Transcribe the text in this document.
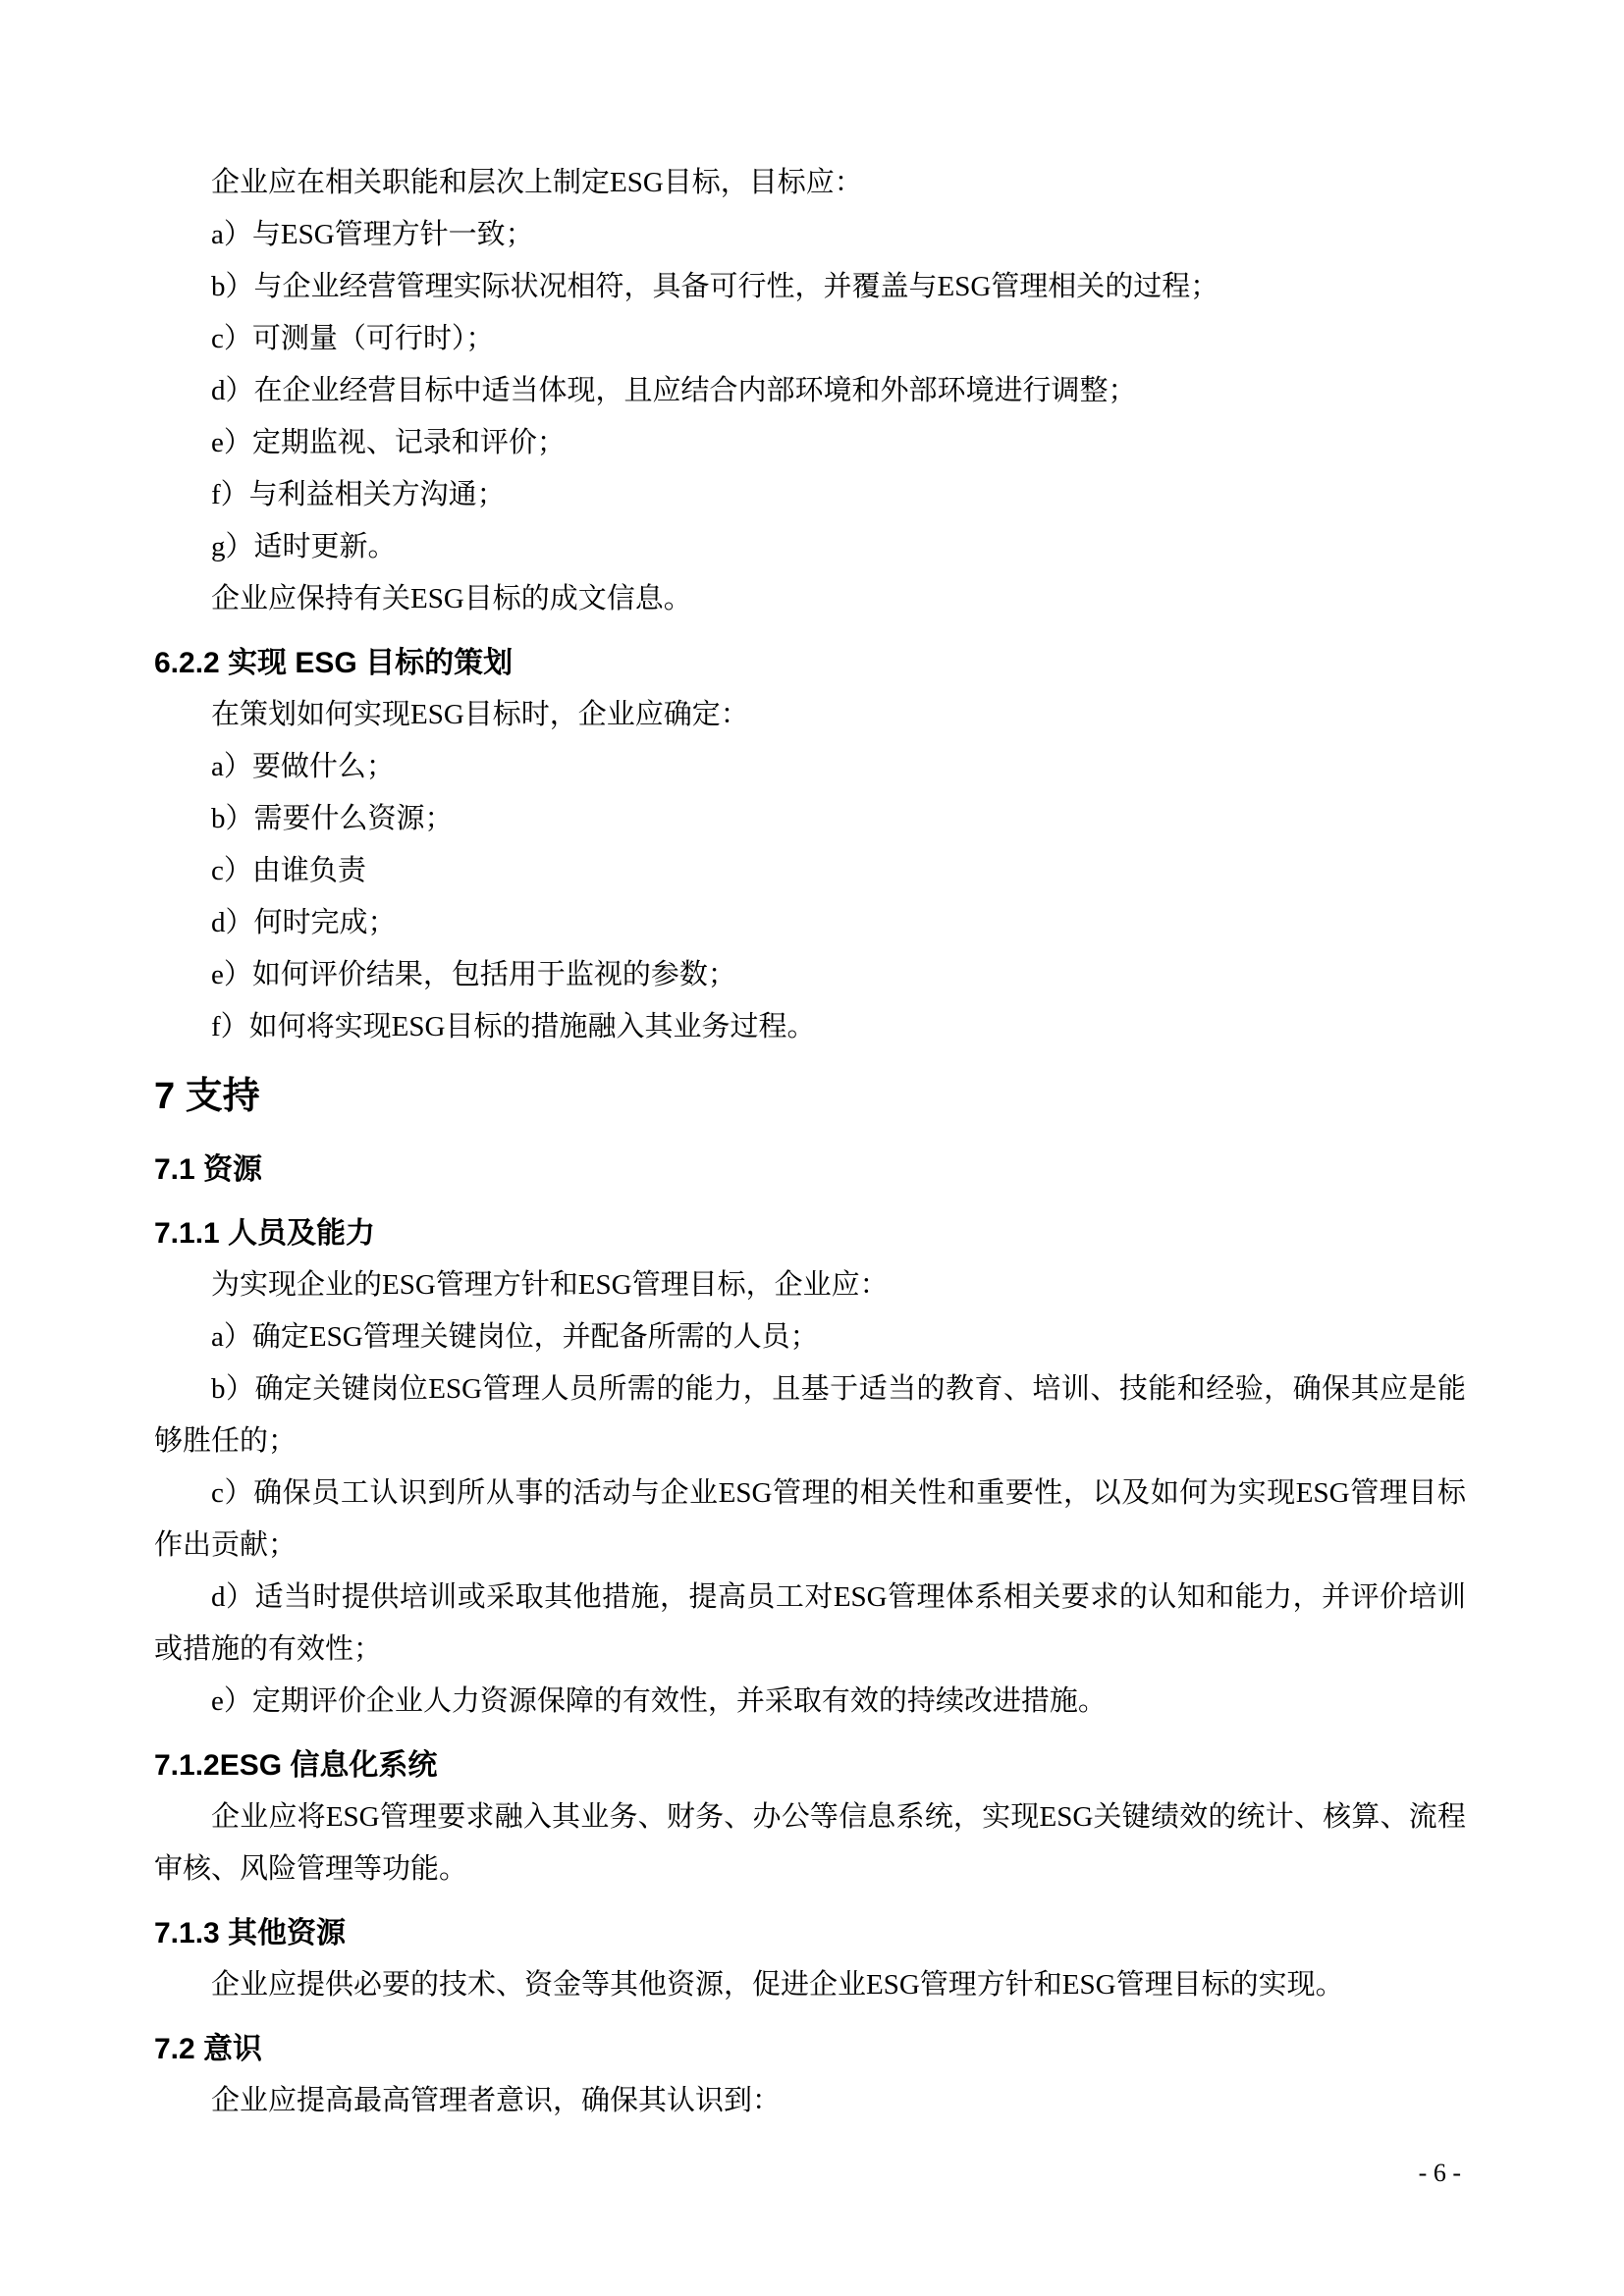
企业应在相关职能和层次上制定ESG目标，目标应：

a）与ESG管理方针一致；

b）与企业经营管理实际状况相符，具备可行性，并覆盖与ESG管理相关的过程；

c）可测量（可行时）；

d）在企业经营目标中适当体现，且应结合内部环境和外部环境进行调整；

e）定期监视、记录和评价；

f）与利益相关方沟通；

g）适时更新。

企业应保持有关ESG目标的成文信息。

6.2.2 实现 ESG 目标的策划

在策划如何实现ESG目标时，企业应确定：

a）要做什么；

b）需要什么资源；

c）由谁负责

d）何时完成；

e）如何评价结果，包括用于监视的参数；

f）如何将实现ESG目标的措施融入其业务过程。

7 支持
7.1 资源
7.1.1 人员及能力

为实现企业的ESG管理方针和ESG管理目标，企业应：

a）确定ESG管理关键岗位，并配备所需的人员；

b）确定关键岗位ESG管理人员所需的能力，且基于适当的教育、培训、技能和经验，确保其应是能够胜任的；

c）确保员工认识到所从事的活动与企业ESG管理的相关性和重要性，以及如何为实现ESG管理目标作出贡献；

d）适当时提供培训或采取其他措施，提高员工对ESG管理体系相关要求的认知和能力，并评价培训或措施的有效性；

e）定期评价企业人力资源保障的有效性，并采取有效的持续改进措施。

7.1.2ESG 信息化系统

企业应将ESG管理要求融入其业务、财务、办公等信息系统，实现ESG关键绩效的统计、核算、流程审核、风险管理等功能。

7.1.3 其他资源

企业应提供必要的技术、资金等其他资源，促进企业ESG管理方针和ESG管理目标的实现。

7.2 意识

企业应提高最高管理者意识，确保其认识到：

- 6 -
